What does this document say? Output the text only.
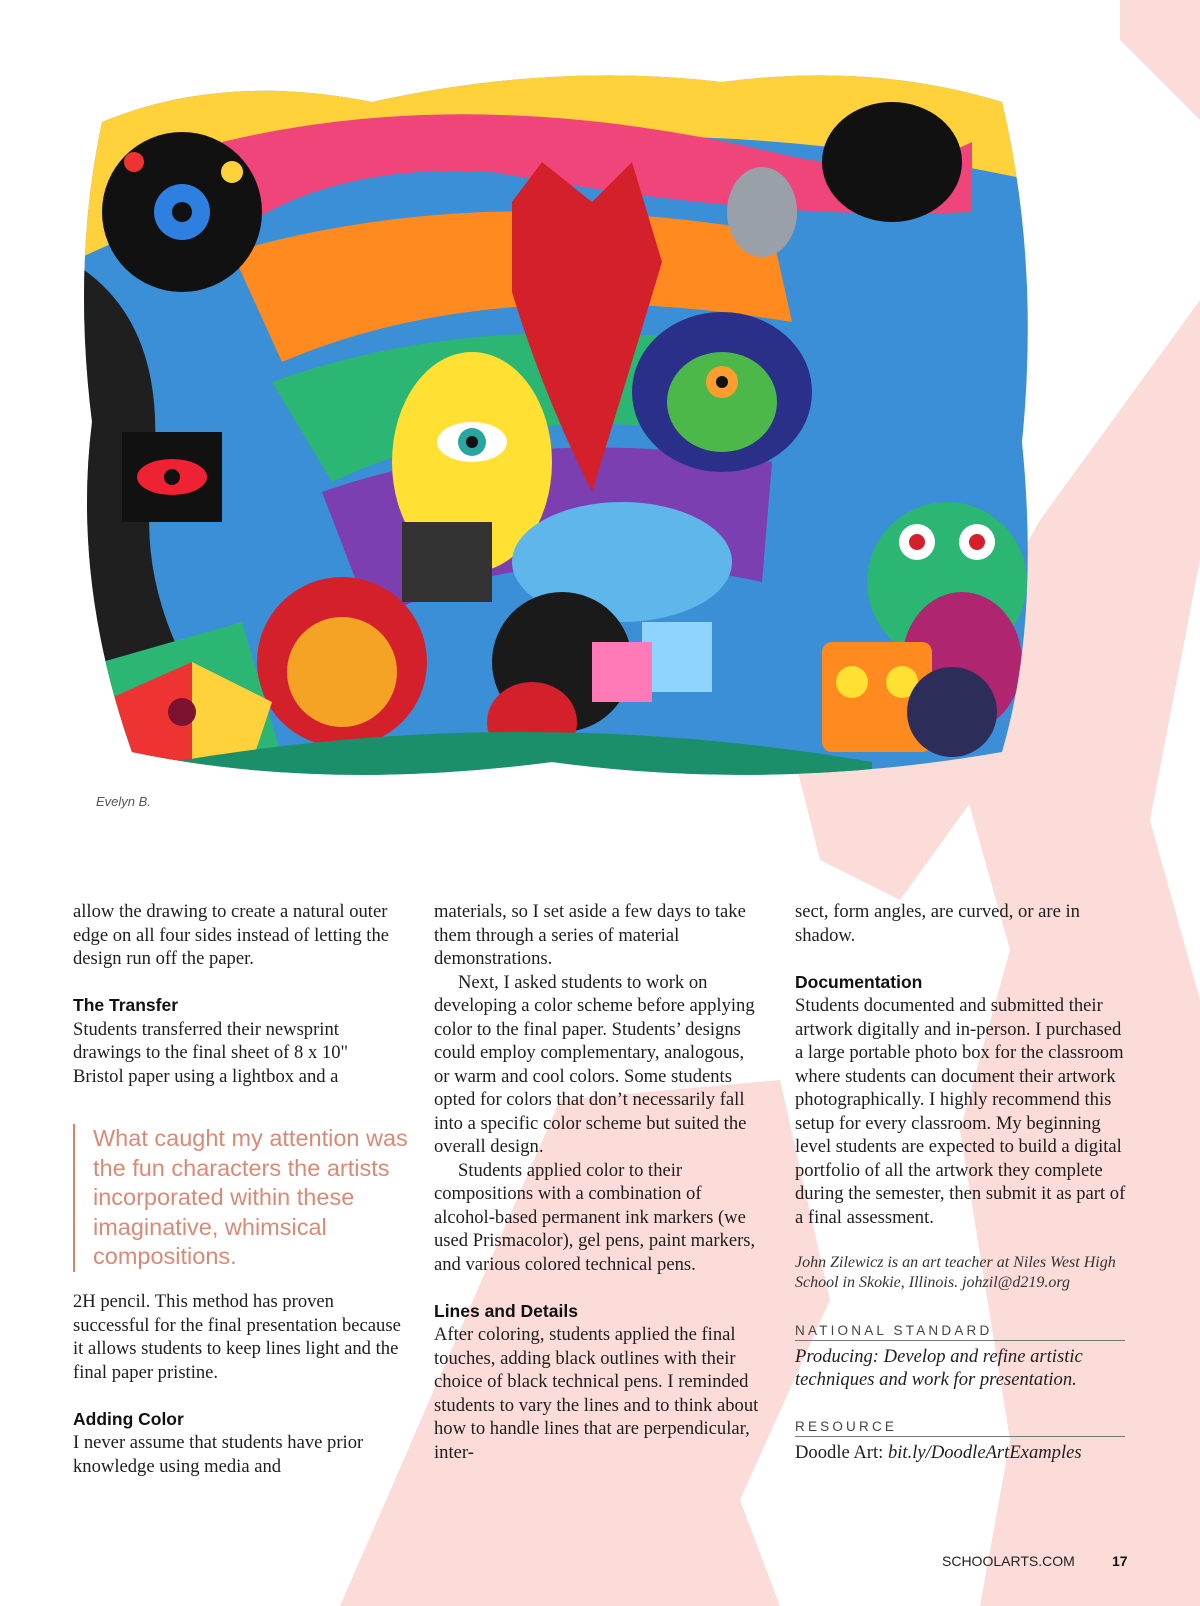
Evelyn B.

allow the drawing to create a natural outer edge on all four sides instead of letting the design run off the paper.

The Transfer

Students transferred their newsprint drawings to the final sheet of 8 x 10" Bristol paper using a lightbox and a

What caught my attention was the fun characters the artists incorporated within these imaginative, whimsical compositions.

2H pencil. This method has proven successful for the final presentation because it allows students to keep lines light and the final paper pristine.

Adding Color

I never assume that students have prior knowledge using media and

materials, so I set aside a few days to take them through a series of material demonstrations.

Next, I asked students to work on developing a color scheme before applying color to the final paper. Students’ designs could employ complementary, analogous, or warm and cool colors. Some students opted for colors that don’t necessarily fall into a specific color scheme but suited the overall design.

Students applied color to their compositions with a combination of alcohol-based permanent ink markers (we used Prismacolor), gel pens, paint markers, and various colored technical pens.

Lines and Details

After coloring, students applied the final touches, adding black outlines with their choice of black technical pens. I reminded students to vary the lines and to think about how to handle lines that are perpendicular, inter-

sect, form angles, are curved, or are in shadow.

Documentation

Students documented and submitted their artwork digitally and in-person. I purchased a large portable photo box for the classroom where students can document their artwork photographically. I highly recommend this setup for every classroom. My beginning level students are expected to build a digital portfolio of all the artwork they complete during the semester, then submit it as part of a final assessment.

John Zilewicz is an art teacher at Niles West High School in Skokie, Illinois. johzil@d219.org

NATIONAL STANDARD

Producing: Develop and refine artistic techniques and work for presentation.

RESOURCE

Doodle Art: bit.ly/DoodleArtExamples

SCHOOLARTS.COM	17
